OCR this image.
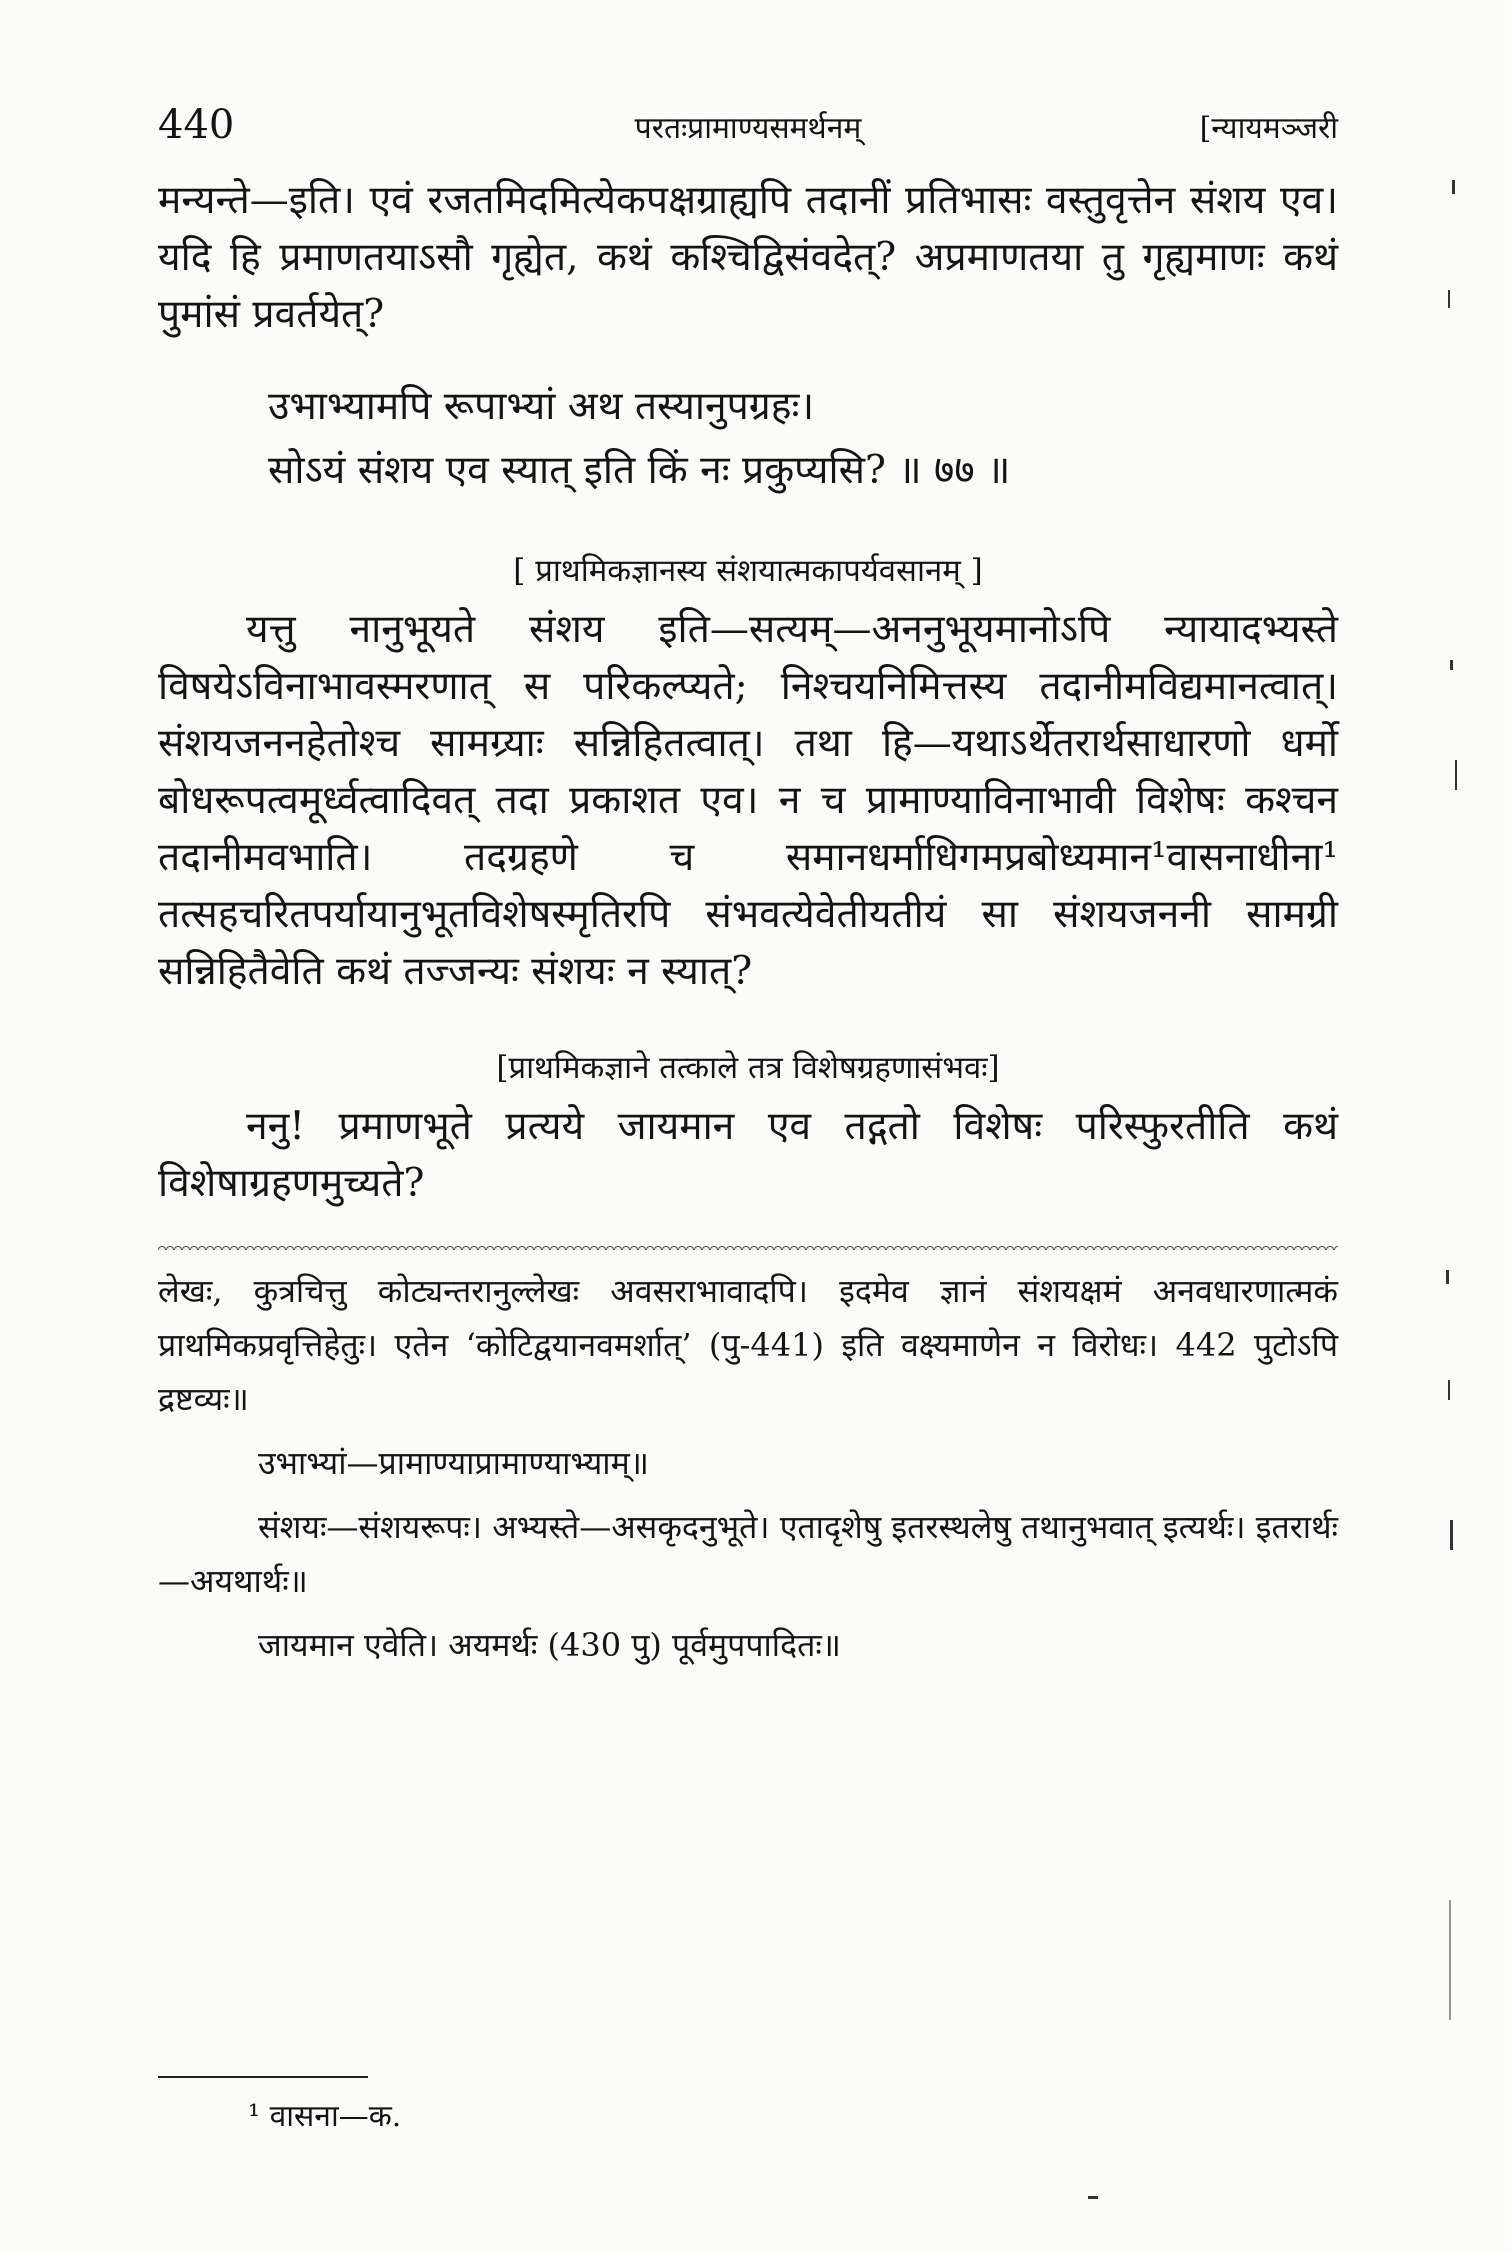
440	परतःप्रामाण्यसमर्थनम्	[न्यायमञ्जरी

मन्यन्ते—इति। एवं रजतमिदमित्येकपक्षग्राह्यपि तदानीं प्रतिभासः वस्तुवृत्तेन संशय एव। यदि हि प्रमाणतयाऽसौ गृह्येत, कथं कश्चिद्विसंवदेत्? अप्रमाणतया तु गृह्यमाणः कथं पुमांसं प्रवर्तयेत्?

उभाभ्यामपि रूपाभ्यां अथ तस्यानुपग्रहः।
सोऽयं संशय एव स्यात् इति किं नः प्रकुप्यसि? ॥ ७७ ॥
[ प्राथमिकज्ञानस्य संशयात्मकापर्यवसानम् ]

यत्तु नानुभूयते संशय इति—सत्यम्—अननुभूयमानोऽपि न्यायादभ्यस्ते विषयेऽविनाभावस्मरणात् स परिकल्प्यते; निश्चयनिमित्तस्य तदानीमविद्यमानत्वात्। संशयजननहेतोश्च सामग्र्याः सन्निहितत्वात्। तथा हि—यथाऽर्थेतरार्थसाधारणो धर्मो बोधरूपत्वमूर्ध्वत्वादिवत् तदा प्रकाशत एव। न च प्रामाण्याविनाभावी विशेषः कश्चन तदानीमवभाति। तदग्रहणे च समानधर्माधिगमप्रबोध्यमान¹वासनाधीना¹ तत्सहचरितपर्यायानुभूतविशेषस्मृतिरपि संभवत्येवेतीयतीयं सा संशयजननी सामग्री सन्निहितैवेति कथं तज्जन्यः संशयः न स्यात्?

[प्राथमिकज्ञाने तत्काले तत्र विशेषग्रहणासंभवः]

ननु! प्रमाणभूते प्रत्यये जायमान एव तद्गतो विशेषः परिस्फुरतीति कथं विशेषाग्रहणमुच्यते?

लेखः, कुत्रचित्तु कोट्यन्तरानुल्लेखः अवसराभावादपि। इदमेव ज्ञानं संशयक्षमं अनवधारणात्मकं प्राथमिकप्रवृत्तिहेतुः। एतेन ‘कोटिद्वयानवमर्शात्’ (पु-441) इति वक्ष्यमाणेन न विरोधः। 442 पुटोऽपि द्रष्टव्यः॥

उभाभ्यां—प्रामाण्याप्रामाण्याभ्याम्॥

संशयः—संशयरूपः। अभ्यस्ते—असकृदनुभूते। एतादृशेषु इतरस्थलेषु तथानुभवात् इत्यर्थः। इतरार्थः—अयथार्थः॥

जायमान एवेति। अयमर्थः (430 पु) पूर्वमुपपादितः॥

¹ वासना—क.
